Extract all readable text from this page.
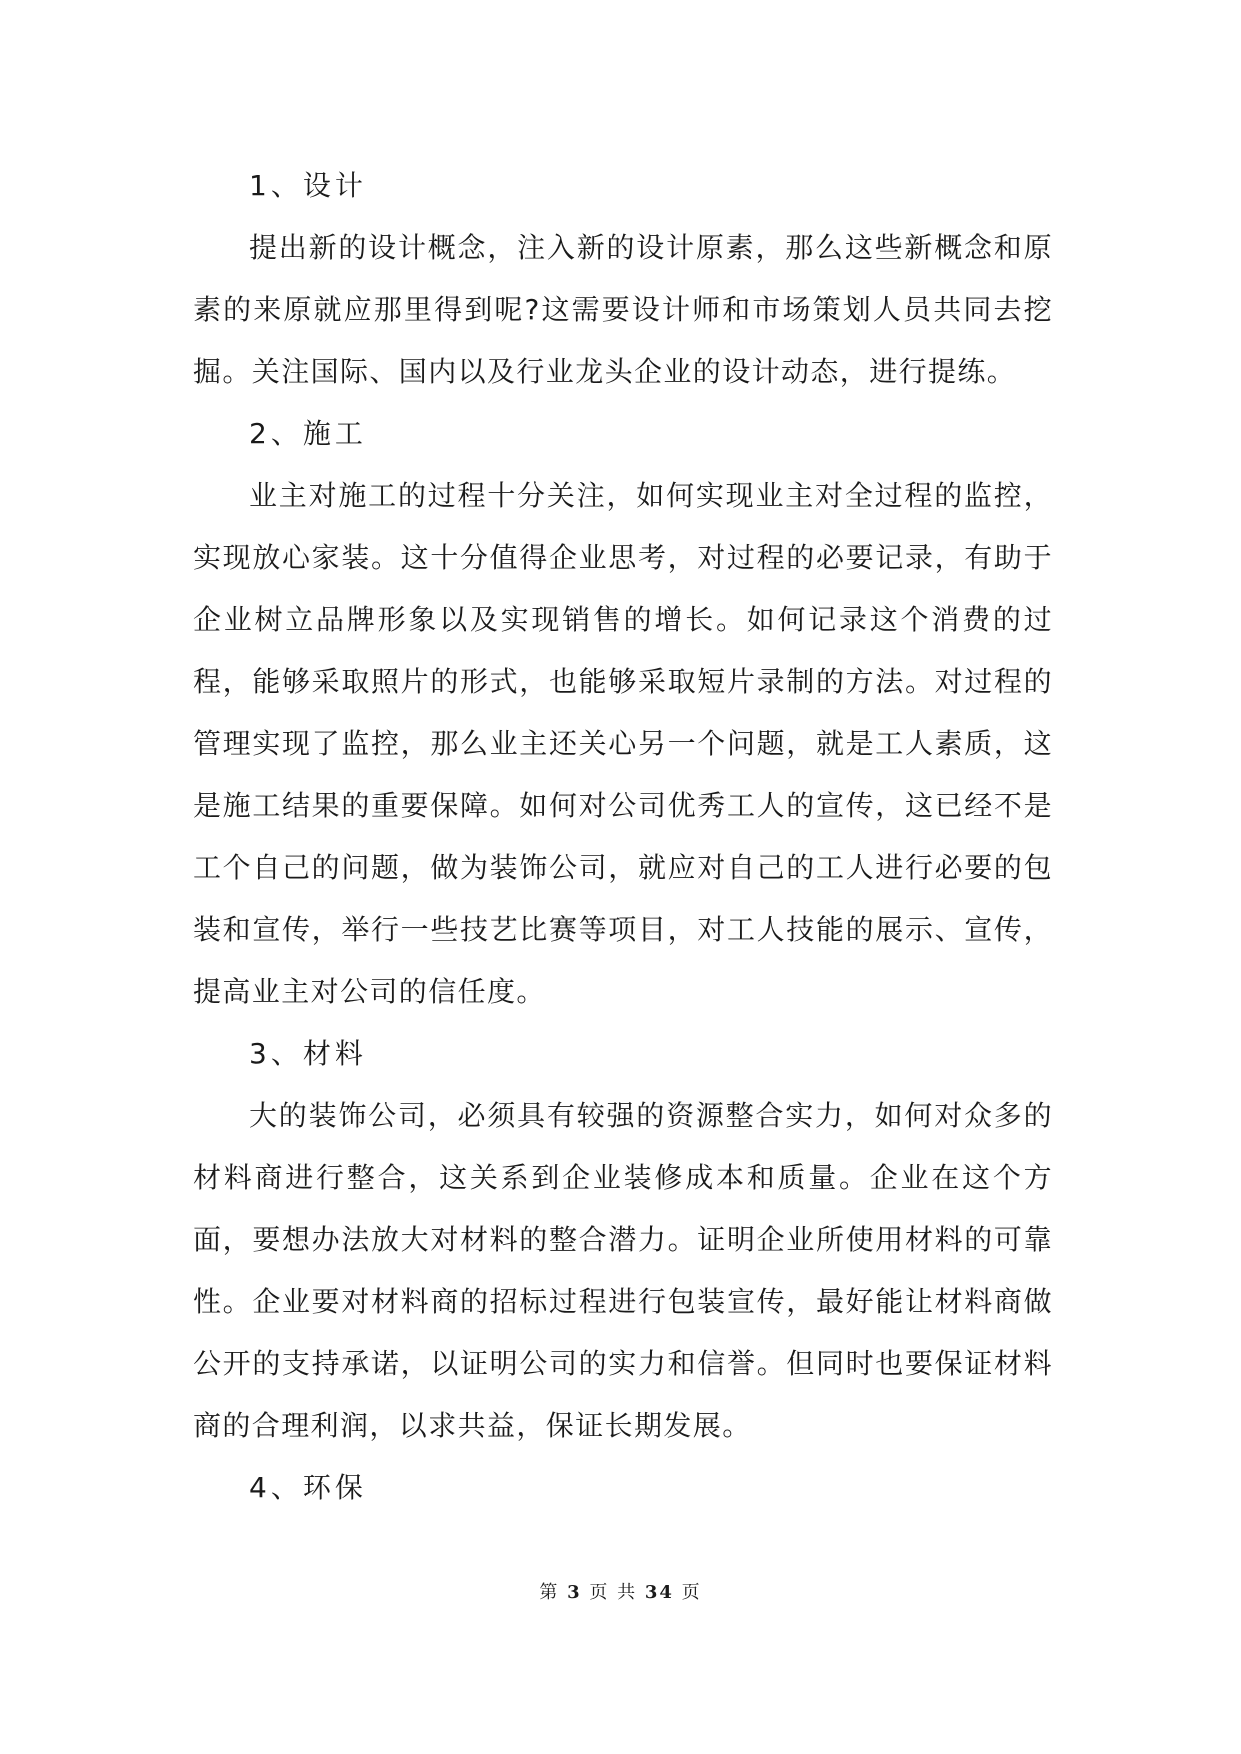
1、设计

提出新的设计概念，注入新的设计原素，那么这些新概念和原素的来原就应那里得到呢?这需要设计师和市场策划人员共同去挖掘。关注国际、国内以及行业龙头企业的设计动态，进行提练。

2、施工

业主对施工的过程十分关注，如何实现业主对全过程的监控，实现放心家装。这十分值得企业思考，对过程的必要记录，有助于企业树立品牌形象以及实现销售的增长。如何记录这个消费的过程，能够采取照片的形式，也能够采取短片录制的方法。对过程的管理实现了监控，那么业主还关心另一个问题，就是工人素质，这是施工结果的重要保障。如何对公司优秀工人的宣传，这已经不是工个自己的问题，做为装饰公司，就应对自己的工人进行必要的包装和宣传，举行一些技艺比赛等项目，对工人技能的展示、宣传，提高业主对公司的信任度。

3、材料

大的装饰公司，必须具有较强的资源整合实力，如何对众多的材料商进行整合，这关系到企业装修成本和质量。企业在这个方面，要想办法放大对材料的整合潜力。证明企业所使用材料的可靠性。企业要对材料商的招标过程进行包装宣传，最好能让材料商做公开的支持承诺，以证明公司的实力和信誉。但同时也要保证材料商的合理利润，以求共益，保证长期发展。

4、环保

第 3 页 共 34 页
